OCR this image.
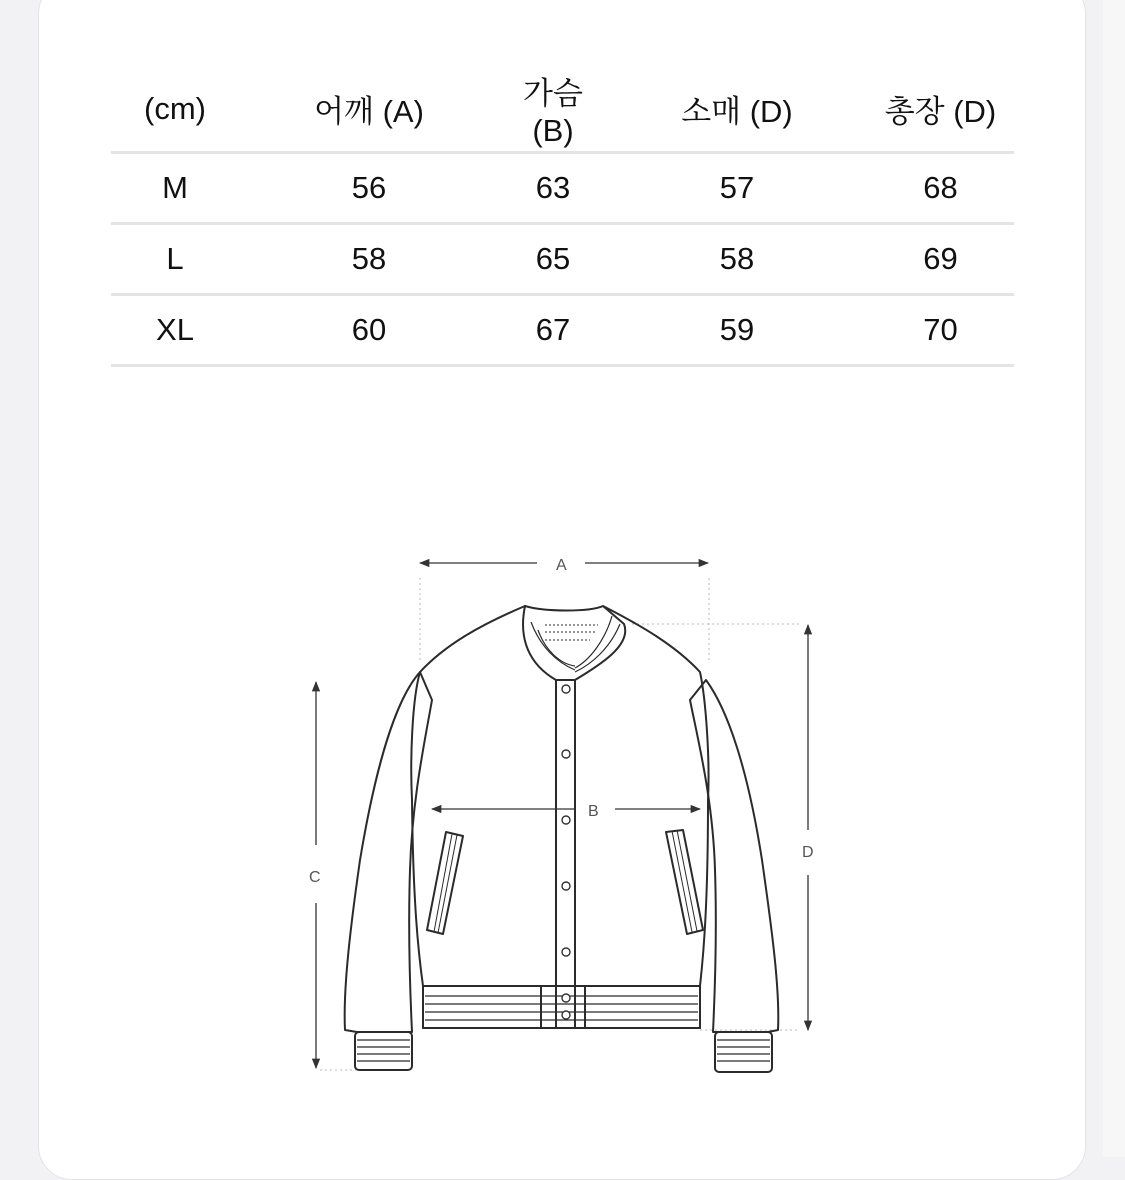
(cm)	어깨 (A)	가슴 (B)	소매 (D)	총장 (D)
M	56	63	57	68
L	58	65	58	69
XL	60	67	59	70
A
B
C
D
